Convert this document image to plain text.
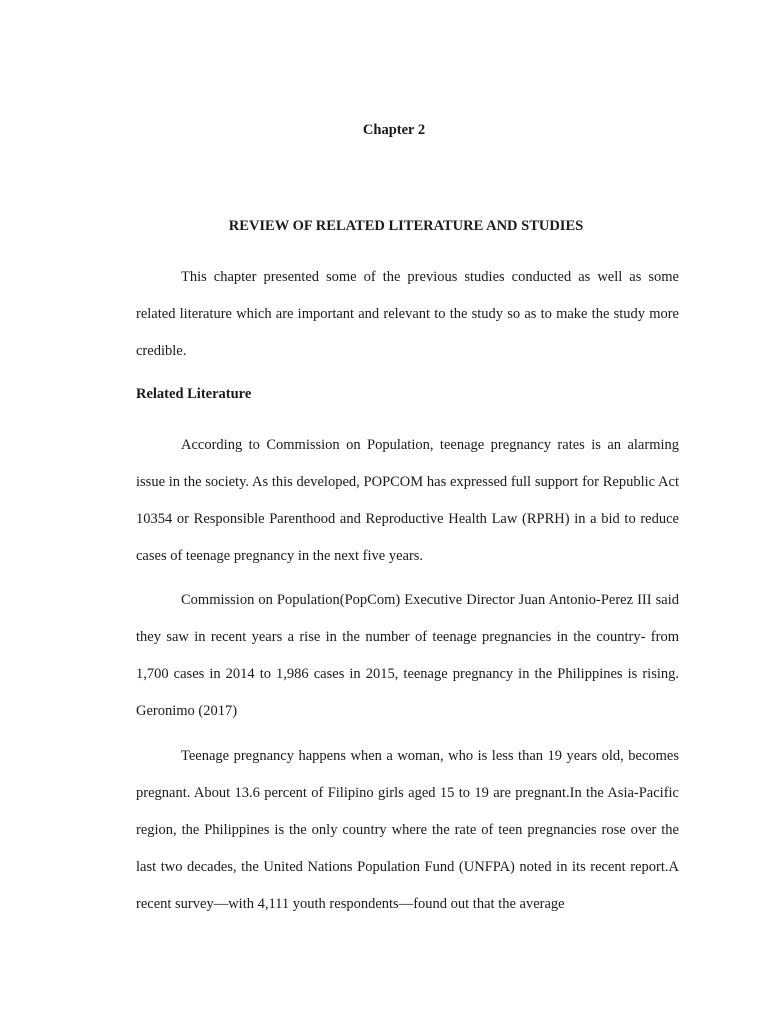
Chapter 2
REVIEW OF RELATED LITERATURE AND STUDIES

This chapter presented some of the previous studies conducted as well as some related literature which are important and relevant to the study so as to make the study more credible.

Related Literature

According to Commission on Population, teenage pregnancy rates is an alarming issue in the society. As this developed, POPCOM has expressed full support for Republic Act 10354 or Responsible Parenthood and Reproductive Health Law (RPRH) in a bid to reduce cases of teenage pregnancy in the next five years.

Commission on Population(PopCom) Executive Director Juan Antonio-Perez III said they saw in recent years a rise in the number of teenage pregnancies in the country- from 1,700 cases in 2014 to 1,986 cases in 2015, teenage pregnancy in the Philippines is rising. Geronimo (2017)

Teenage pregnancy happens when a woman, who is less than 19 years old, becomes pregnant. About 13.6 percent of Filipino girls aged 15 to 19 are pregnant.In the Asia-Pacific region, the Philippines is the only country where the rate of teen pregnancies rose over the last two decades, the United Nations Population Fund (UNFPA) noted in its recent report.A recent survey—with 4,111 youth respondents—found out that the average
